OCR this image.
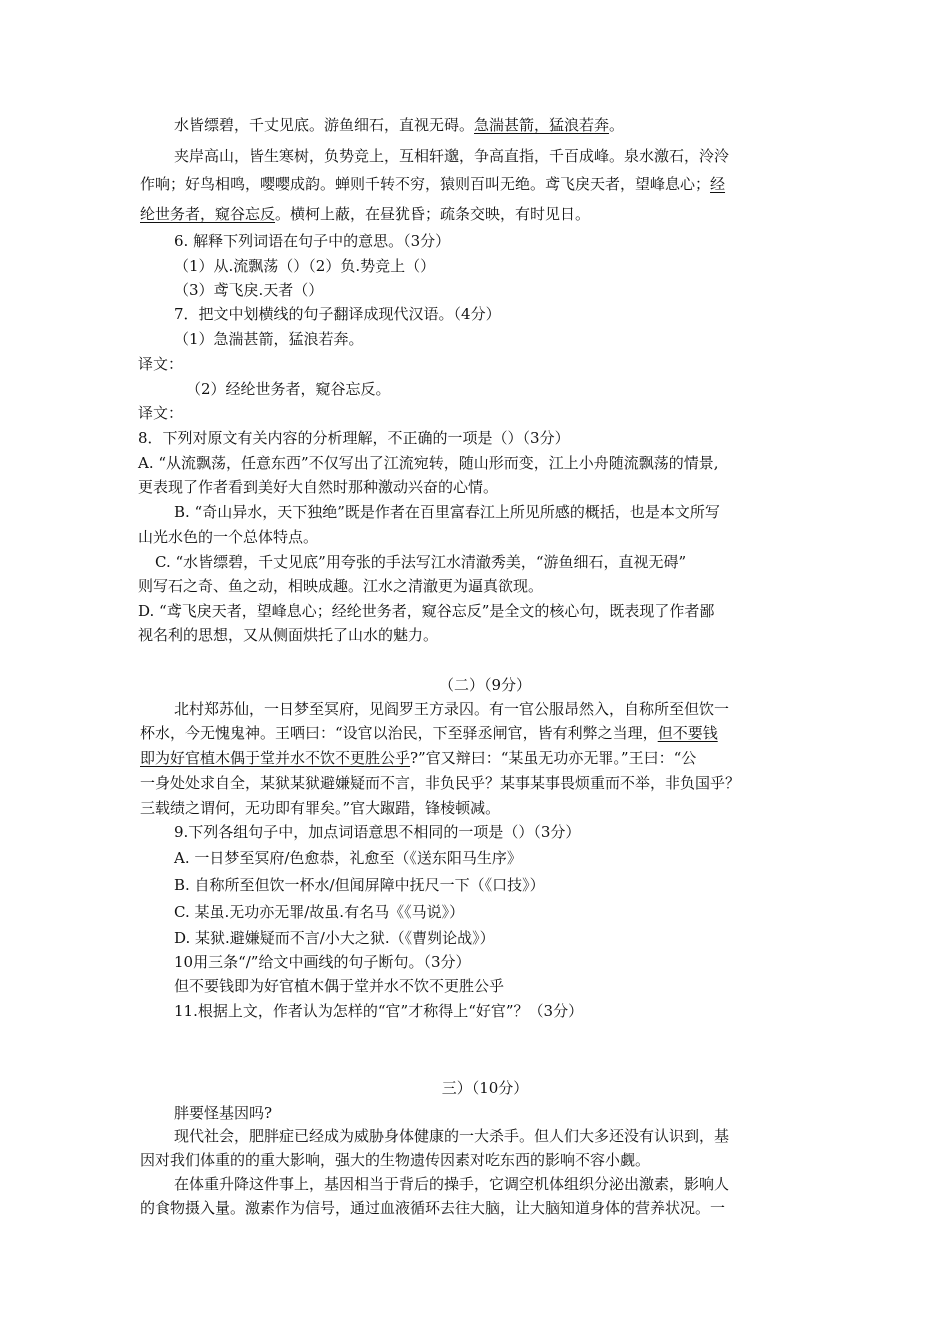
水皆缥碧，千丈见底。游鱼细石，直视无碍。急湍甚箭，猛浪若奔。
夹岸高山，皆生寒树，负势竞上，互相轩邈，争高直指，千百成峰。泉水激石，泠泠
作响；好鸟相鸣，嘤嘤成韵。蝉则千转不穷，猿则百叫无绝。鸢飞戾天者，望峰息心；经
纶世务者，窥谷忘反。横柯上蔽，在昼犹昏；疏条交映，有时见日。
6. 解释下列词语在句子中的意思。（3分）
（1）从.流飘荡（）（2）负.势竞上（）
（3）鸢飞戾.天者（）
7．把文中划横线的句子翻译成现代汉语。（4分）
（1）急湍甚箭，猛浪若奔。
译文：
（2）经纶世务者，窥谷忘反。
译文：
8．下列对原文有关内容的分析理解，不正确的一项是（）（3分）
A. “从流飘荡，任意东西”不仅写出了江流宛转，随山形而变，江上小舟随流飘荡的情景,
更表现了作者看到美好大自然时那种激动兴奋的心情。
B. “奇山异水，天下独绝”既是作者在百里富春江上所见所感的概括，也是本文所写
山光水色的一个总体特点。
C. “水皆缥碧，千丈见底”用夸张的手法写江水清澈秀美，“游鱼细石，直视无碍”
则写石之奇、鱼之动，相映成趣。江水之清澈更为逼真欲现。
D. “鸢飞戾天者，望峰息心；经纶世务者，窥谷忘反”是全文的核心句，既表现了作者鄙
视名利的思想，又从侧面烘托了山水的魅力。
（二）（9分）
北村郑苏仙，一日梦至冥府，见阎罗王方录囚。有一官公服昂然入，自称所至但饮一
杯水，今无愧鬼神。王哂曰：“设官以治民，下至驿丞闸官，皆有利弊之当理，但不要钱
即为好官植木偶于堂并水不饮不更胜公乎?”官又辩曰：“某虽无功亦无罪。”王曰：“公
一身处处求自全，某狱某狱避嫌疑而不言，非负民乎？某事某事畏烦重而不举，非负国乎？
三载绩之谓何，无功即有罪矣。”官大踧踖，锋棱顿减。
9.下列各组句子中，加点词语意思不相同的一项是（）（3分）
A. 一日梦至冥府/色愈恭，礼愈至（《送东阳马生序》
B. 自称所至但饮一杯水/但闻屏障中抚尺一下（《口技》）
C. 某虽.无功亦无罪/故虽.有名马《《马说》）
D. 某狱.避嫌疑而不言/小大之狱.（《曹刿论战》）
10用三条“/”给文中画线的句子断句。（3分）
但不要钱即为好官植木偶于堂并水不饮不更胜公乎
11.根据上文，作者认为怎样的“官”才称得上“好官”？（3分）
三）（10分）
胖要怪基因吗?
现代社会，肥胖症已经成为威胁身体健康的一大杀手。但人们大多还没有认识到，基
因对我们体重的的重大影响，强大的生物遗传因素对吃东西的影响不容小觑。
在体重升降这件事上，基因相当于背后的操手，它调空机体组织分泌出激素，影响人
的食物摄入量。激素作为信号，通过血液循环去往大脑，让大脑知道身体的营养状况。一
